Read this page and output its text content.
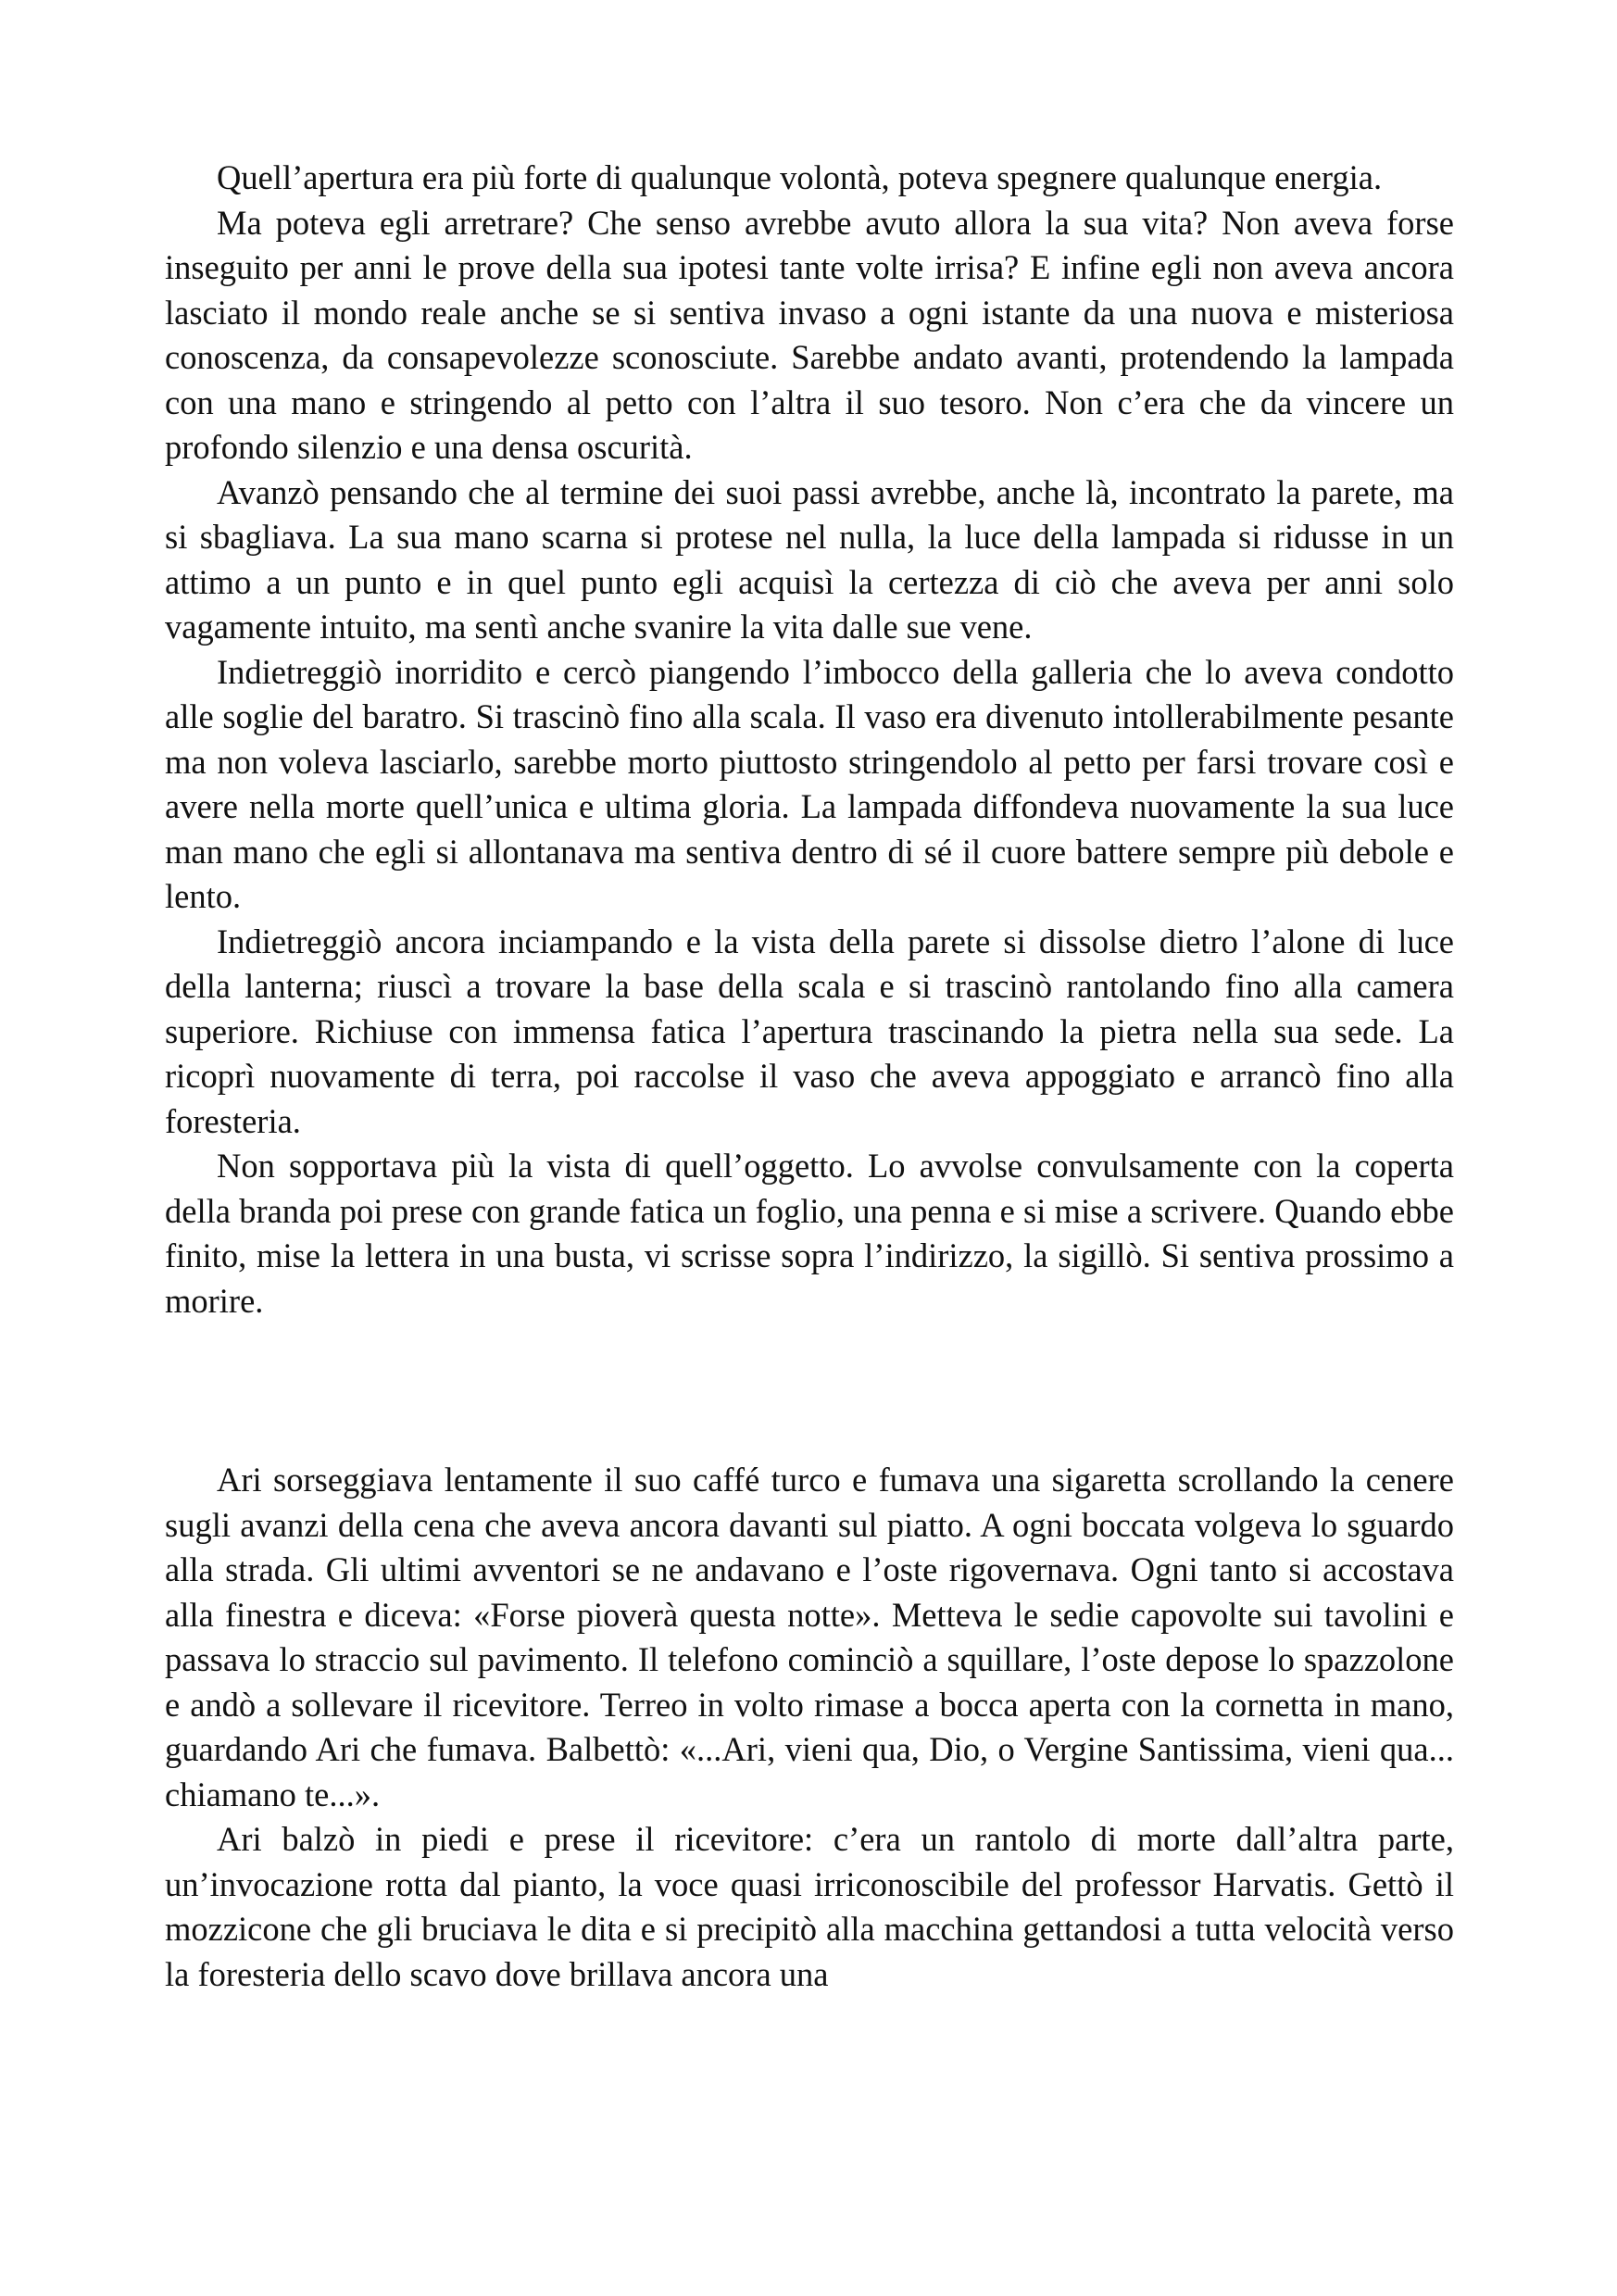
Quell’apertura era più forte di qualunque volontà, poteva spegnere qualunque energia.

Ma poteva egli arretrare? Che senso avrebbe avuto allora la sua vita? Non aveva forse inseguito per anni le prove della sua ipotesi tante volte irrisa? E infine egli non aveva ancora lasciato il mondo reale anche se si sentiva invaso a ogni istante da una nuova e misteriosa conoscenza, da consapevolezze sconosciute. Sarebbe andato avanti, protendendo la lampada con una mano e stringendo al petto con l’altra il suo tesoro. Non c’era che da vincere un profondo silenzio e una densa oscurità.

Avanzò pensando che al termine dei suoi passi avrebbe, anche là, incontrato la parete, ma si sbagliava. La sua mano scarna si protese nel nulla, la luce della lampada si ridusse in un attimo a un punto e in quel punto egli acquisì la certezza di ciò che aveva per anni solo vagamente intuito, ma sentì anche svanire la vita dalle sue vene.

Indietreggiò inorridito e cercò piangendo l’imbocco della galleria che lo aveva condotto alle soglie del baratro. Si trascinò fino alla scala. Il vaso era divenuto intollerabilmente pesante ma non voleva lasciarlo, sarebbe morto piuttosto stringendolo al petto per farsi trovare così e avere nella morte quell’unica e ultima gloria. La lampada diffondeva nuovamente la sua luce man mano che egli si allontanava ma sentiva dentro di sé il cuore battere sempre più debole e lento.

Indietreggiò ancora inciampando e la vista della parete si dissolse dietro l’alone di luce della lanterna; riuscì a trovare la base della scala e si trascinò rantolando fino alla camera superiore. Richiuse con immensa fatica l’apertura trascinando la pietra nella sua sede. La ricoprì nuovamente di terra, poi raccolse il vaso che aveva appoggiato e arrancò fino alla foresteria.

Non sopportava più la vista di quell’oggetto. Lo avvolse convulsamente con la coperta della branda poi prese con grande fatica un foglio, una penna e si mise a scrivere. Quando ebbe finito, mise la lettera in una busta, vi scrisse sopra l’indirizzo, la sigillò. Si sentiva prossimo a morire.

Ari sorseggiava lentamente il suo caffé turco e fumava una sigaretta scrollando la cenere sugli avanzi della cena che aveva ancora davanti sul piatto. A ogni boccata volgeva lo sguardo alla strada. Gli ultimi avventori se ne andavano e l’oste rigovernava. Ogni tanto si accostava alla finestra e diceva: «Forse pioverà questa notte». Metteva le sedie capovolte sui tavolini e passava lo straccio sul pavimento. Il telefono cominciò a squillare, l’oste depose lo spazzolone e andò a sollevare il ricevitore. Terreo in volto rimase a bocca aperta con la cornetta in mano, guardando Ari che fumava. Balbettò: «...Ari, vieni qua, Dio, o Vergine Santissima, vieni qua... chiamano te...».

Ari balzò in piedi e prese il ricevitore: c’era un rantolo di morte dall’altra parte, un’invocazione rotta dal pianto, la voce quasi irriconoscibile del professor Harvatis. Gettò il mozzicone che gli bruciava le dita e si precipitò alla macchina gettandosi a tutta velocità verso la foresteria dello scavo dove brillava ancora una
